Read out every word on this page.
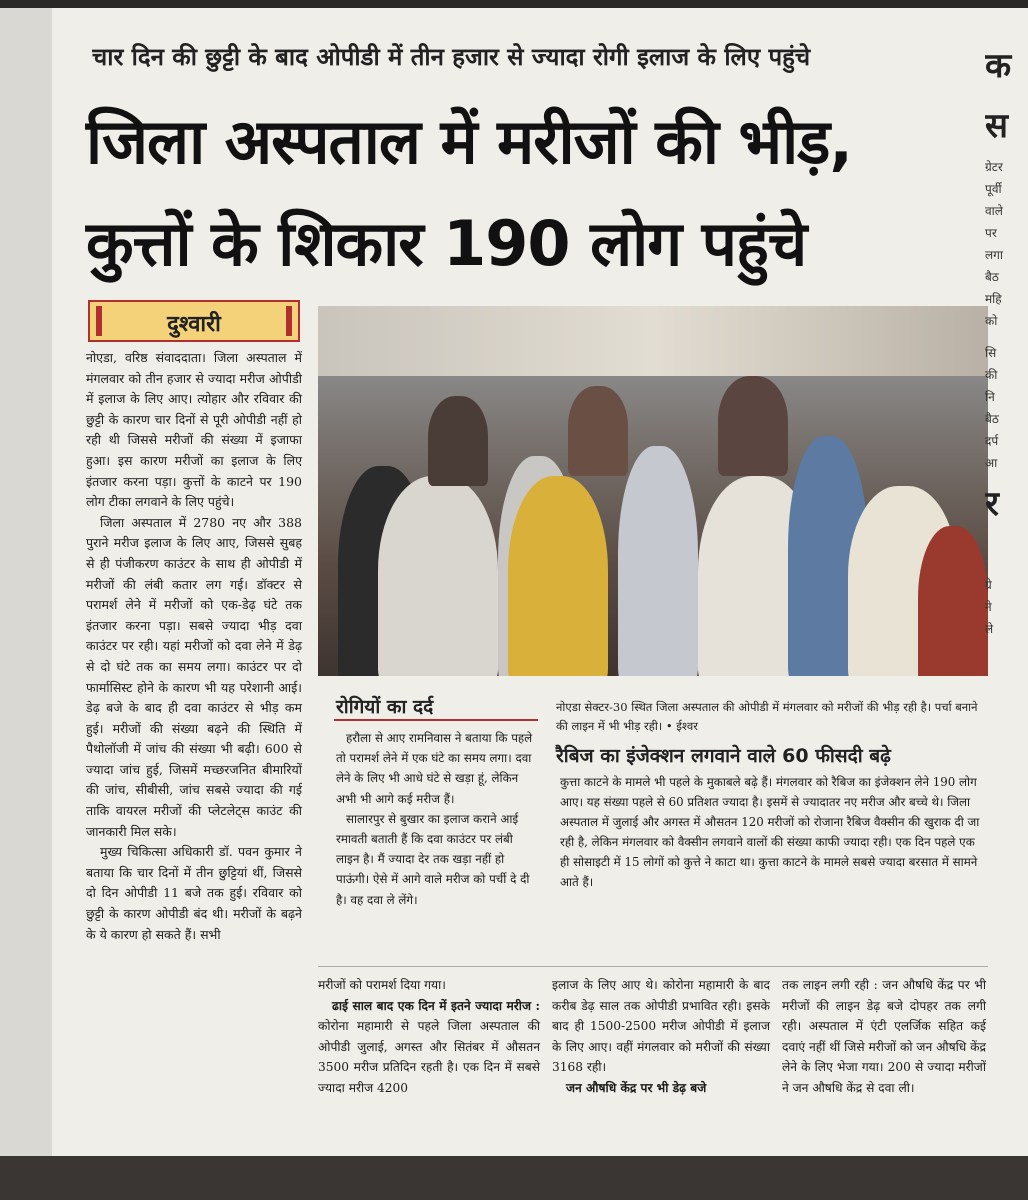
चार दिन की छुट्टी के बाद ओपीडी में तीन हजार से ज्यादा रोगी इलाज के लिए पहुंचे
जिला अस्पताल में मरीजों की भीड़,
कुत्तों के शिकार 190 लोग पहुंचे
दुश्वारी

नोएडा, वरिष्ठ संवाददाता। जिला अस्पताल में मंगलवार को तीन हजार से ज्यादा मरीज ओपीडी में इलाज के लिए आए। त्योहार और रविवार की छुट्टी के कारण चार दिनों से पूरी ओपीडी नहीं हो रही थी जिससे मरीजों की संख्या में इजाफा हुआ। इस कारण मरीजों का इलाज के लिए इंतजार करना पड़ा। कुत्तों के काटने पर 190 लोग टीका लगवाने के लिए पहुंचे।

जिला अस्पताल में 2780 नए और 388 पुराने मरीज इलाज के लिए आए, जिससे सुबह से ही पंजीकरण काउंटर के साथ ही ओपीडी में मरीजों की लंबी कतार लग गई। डॉक्टर से परामर्श लेने में मरीजों को एक-डेढ़ घंटे तक इंतजार करना पड़ा। सबसे ज्यादा भीड़ दवा काउंटर पर रही। यहां मरीजों को दवा लेने में डेढ़ से दो घंटे तक का समय लगा। काउंटर पर दो फार्मासिस्ट होने के कारण भी यह परेशानी आई। डेढ़ बजे के बाद ही दवा काउंटर से भीड़ कम हुई। मरीजों की संख्या बढ़ने की स्थिति में पैथोलॉजी में जांच की संख्या भी बढ़ी। 600 से ज्यादा जांच हुई, जिसमें मच्छरजनित बीमारियों की जांच, सीबीसी, जांच सबसे ज्यादा की गई ताकि वायरल मरीजों की प्लेटलेट्स काउंट की जानकारी मिल सके।

मुख्य चिकित्सा अधिकारी डॉ. पवन कुमार ने बताया कि चार दिनों में तीन छुट्टियां थीं, जिससे दो दिन ओपीडी 11 बजे तक हुई। रविवार को छुट्टी के कारण ओपीडी बंद थी। मरीजों के बढ़ने के ये कारण हो सकते हैं। सभी

रोगियों का दर्द
हरौला से आए रामनिवास ने बताया कि पहले तो परामर्श लेने में एक घंटे का समय लगा। दवा लेने के लिए भी आधे घंटे से खड़ा हूं, लेकिन अभी भी आगे कई मरीज हैं।
सालारपुर से बुखार का इलाज कराने आई रमावती बताती हैं कि दवा काउंटर पर लंबी लाइन है। मैं ज्यादा देर तक खड़ा नहीं हो पाऊंगी। ऐसे में आगे वाले मरीज को पर्ची दे दी है। वह दवा ले लेंगे।
नोएडा सेक्टर-30 स्थित जिला अस्पताल की ओपीडी में मंगलवार को मरीजों की भीड़ रही है। पर्चा बनाने की लाइन में भी भीड़ रही। • ईश्वर
रैबिज का इंजेक्शन लगवाने वाले 60 फीसदी बढ़े
कुत्ता काटने के मामले भी पहले के मुकाबले बढ़े हैं। मंगलवार को रैबिज का इंजेक्शन लेने 190 लोग आए। यह संख्या पहले से 60 प्रतिशत ज्यादा है। इसमें से ज्यादातर नए मरीज और बच्चे थे। जिला अस्पताल में जुलाई और अगस्त में औसतन 120 मरीजों को रोजाना रैबिज वैक्सीन की खुराक दी जा रही है, लेकिन मंगलवार को वैक्सीन लगवाने वालों की संख्या काफी ज्यादा रही। एक दिन पहले एक ही सोसाइटी में 15 लोगों को कुत्ते ने काटा था। कुत्ता काटने के मामले सबसे ज्यादा बरसात में सामने आते हैं।
मरीजों को परामर्श दिया गया।
ढाई साल बाद एक दिन में इतने ज्यादा मरीज : कोरोना महामारी से पहले जिला अस्पताल की ओपीडी जुलाई, अगस्त और सितंबर में औसतन 3500 मरीज प्रतिदिन रहती है। एक दिन में सबसे ज्यादा मरीज 4200
इलाज के लिए आए थे। कोरोना महामारी के बाद करीब डेढ़ साल तक ओपीडी प्रभावित रही। इसके बाद ही 1500-2500 मरीज ओपीडी में इलाज के लिए आए। वहीं मंगलवार को मरीजों की संख्या 3168 रही।
जन औषधि केंद्र पर भी डेढ़ बजे
तक लाइन लगी रही : जन औषधि केंद्र पर भी मरीजों की लाइन डेढ़ बजे दोपहर तक लगी रही। अस्पताल में एंटी एलर्जिक सहित कई दवाएं नहीं थीं जिसे मरीजों को जन औषधि केंद्र लेने के लिए भेजा गया। 200 से ज्यादा मरीजों ने जन औषधि केंद्र से दवा ली।
क
स
ग्रेटर
पूर्वी
वाले
पर
लगा
बैठ
महि
को
सि
की
नि
बैठ
दर्प
आ
र
ग्रे
ने
ले
